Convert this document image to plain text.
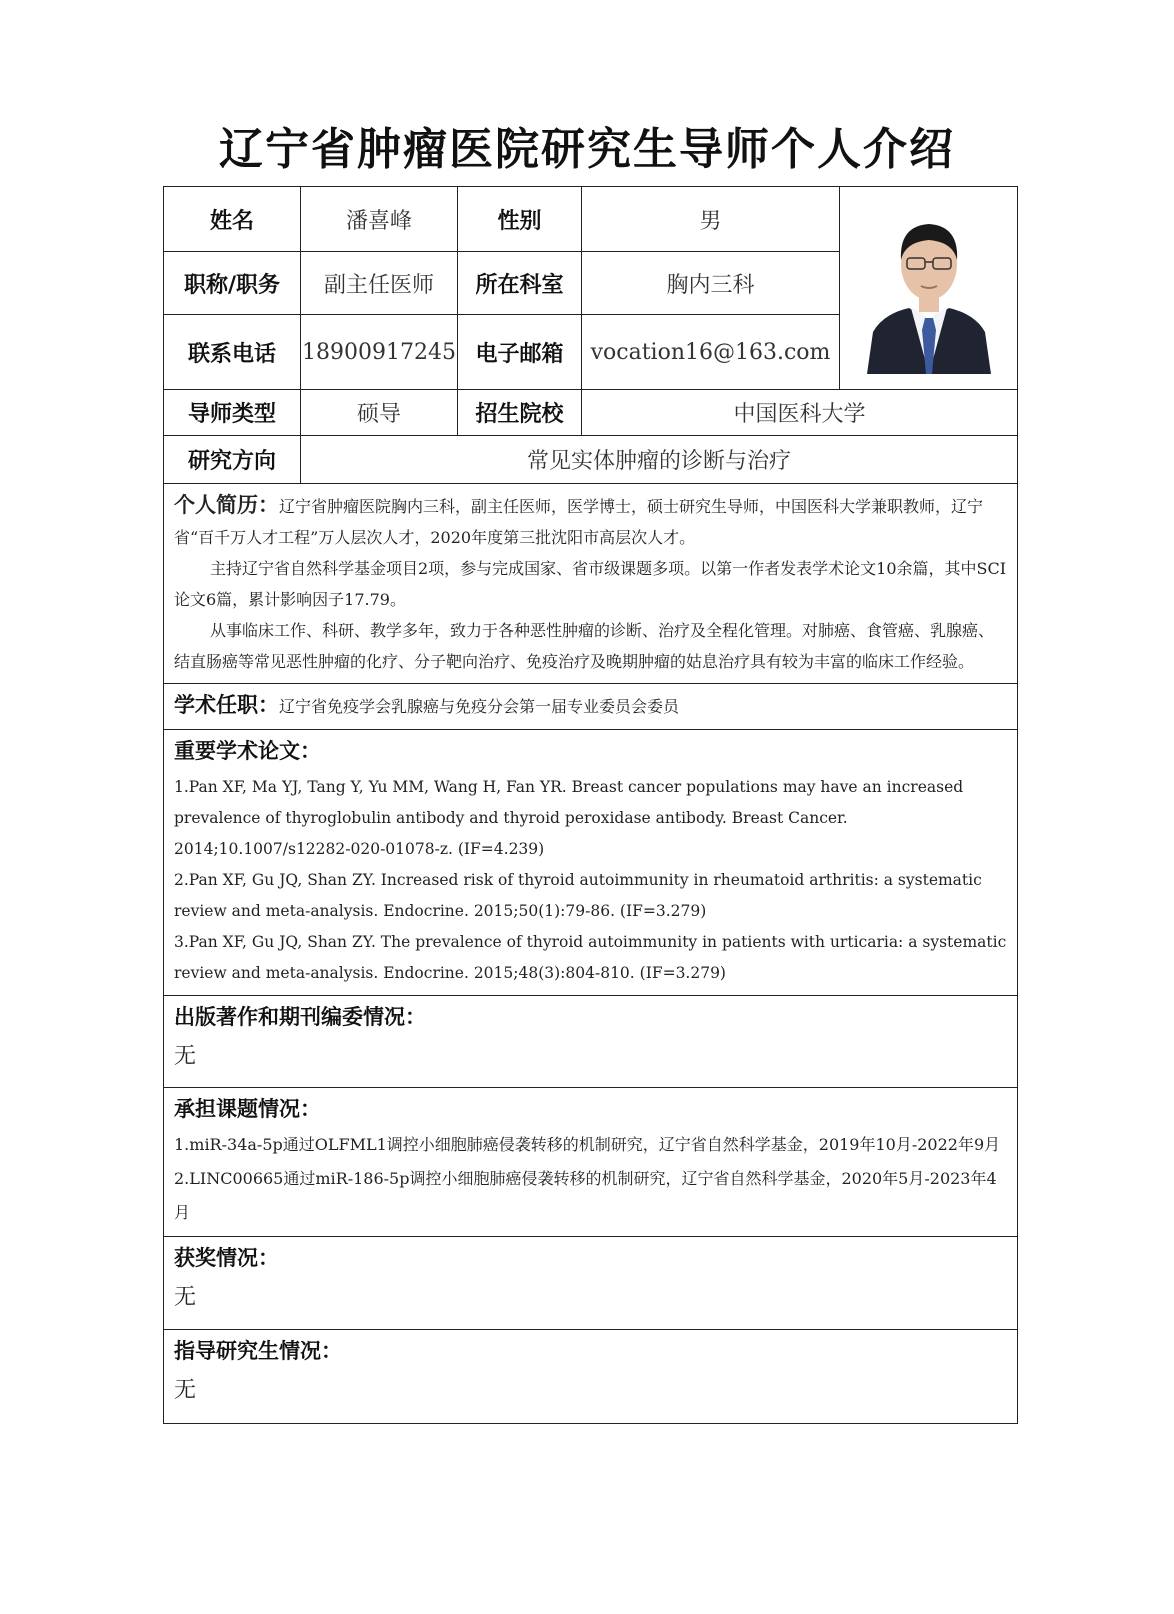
辽宁省肿瘤医院研究生导师个人介绍
姓名	潘喜峰	性别	男	

职称/职务	副主任医师	所在科室	胸内三科	
联系电话	18900917245	电子邮箱	vocation16@163.com	
导师类型	硕导	招生院校	中国医科大学	
研究方向	常见实体肿瘤的诊断与治疗			

个人简历：辽宁省肿瘤医院胸内三科，副主任医师，医学博士，硕士研究生导师，中国医科大学兼职教师，辽宁省“百千万人才工程”万人层次人才，2020年度第三批沈阳市高层次人才。

主持辽宁省自然科学基金项目2项，参与完成国家、省市级课题多项。以第一作者发表学术论文10余篇，其中SCI论文6篇，累计影响因子17.79。

从事临床工作、科研、教学多年，致力于各种恶性肿瘤的诊断、治疗及全程化管理。对肺癌、食管癌、乳腺癌、结直肠癌等常见恶性肿瘤的化疗、分子靶向治疗、免疫治疗及晚期肿瘤的姑息治疗具有较为丰富的临床工作经验。				

学术任职：辽宁省免疫学会乳腺癌与免疫分会第一届专业委员会委员				

重要学术论文：

1.Pan XF, Ma YJ, Tang Y, Yu MM, Wang H, Fan YR. Breast cancer populations may have an increased prevalence of thyroglobulin antibody and thyroid peroxidase antibody. Breast Cancer. 2014;10.1007/s12282-020-01078-z. (IF=4.239)

2.Pan XF, Gu JQ, Shan ZY. Increased risk of thyroid autoimmunity in rheumatoid arthritis: a systematic review and meta-analysis. Endocrine. 2015;50(1):79-86. (IF=3.279)

3.Pan XF, Gu JQ, Shan ZY. The prevalence of thyroid autoimmunity in patients with urticaria: a systematic review and meta-analysis. Endocrine. 2015;48(3):804-810. (IF=3.279)				

出版著作和期刊编委情况：
无				

承担课题情况：

1.miR-34a-5p通过OLFML1调控小细胞肺癌侵袭转移的机制研究，辽宁省自然科学基金，2019年10月-2022年9月

2.LINC00665通过miR-186-5p调控小细胞肺癌侵袭转移的机制研究，辽宁省自然科学基金，2020年5月-2023年4月				

获奖情况：
无				

指导研究生情况：
无				
